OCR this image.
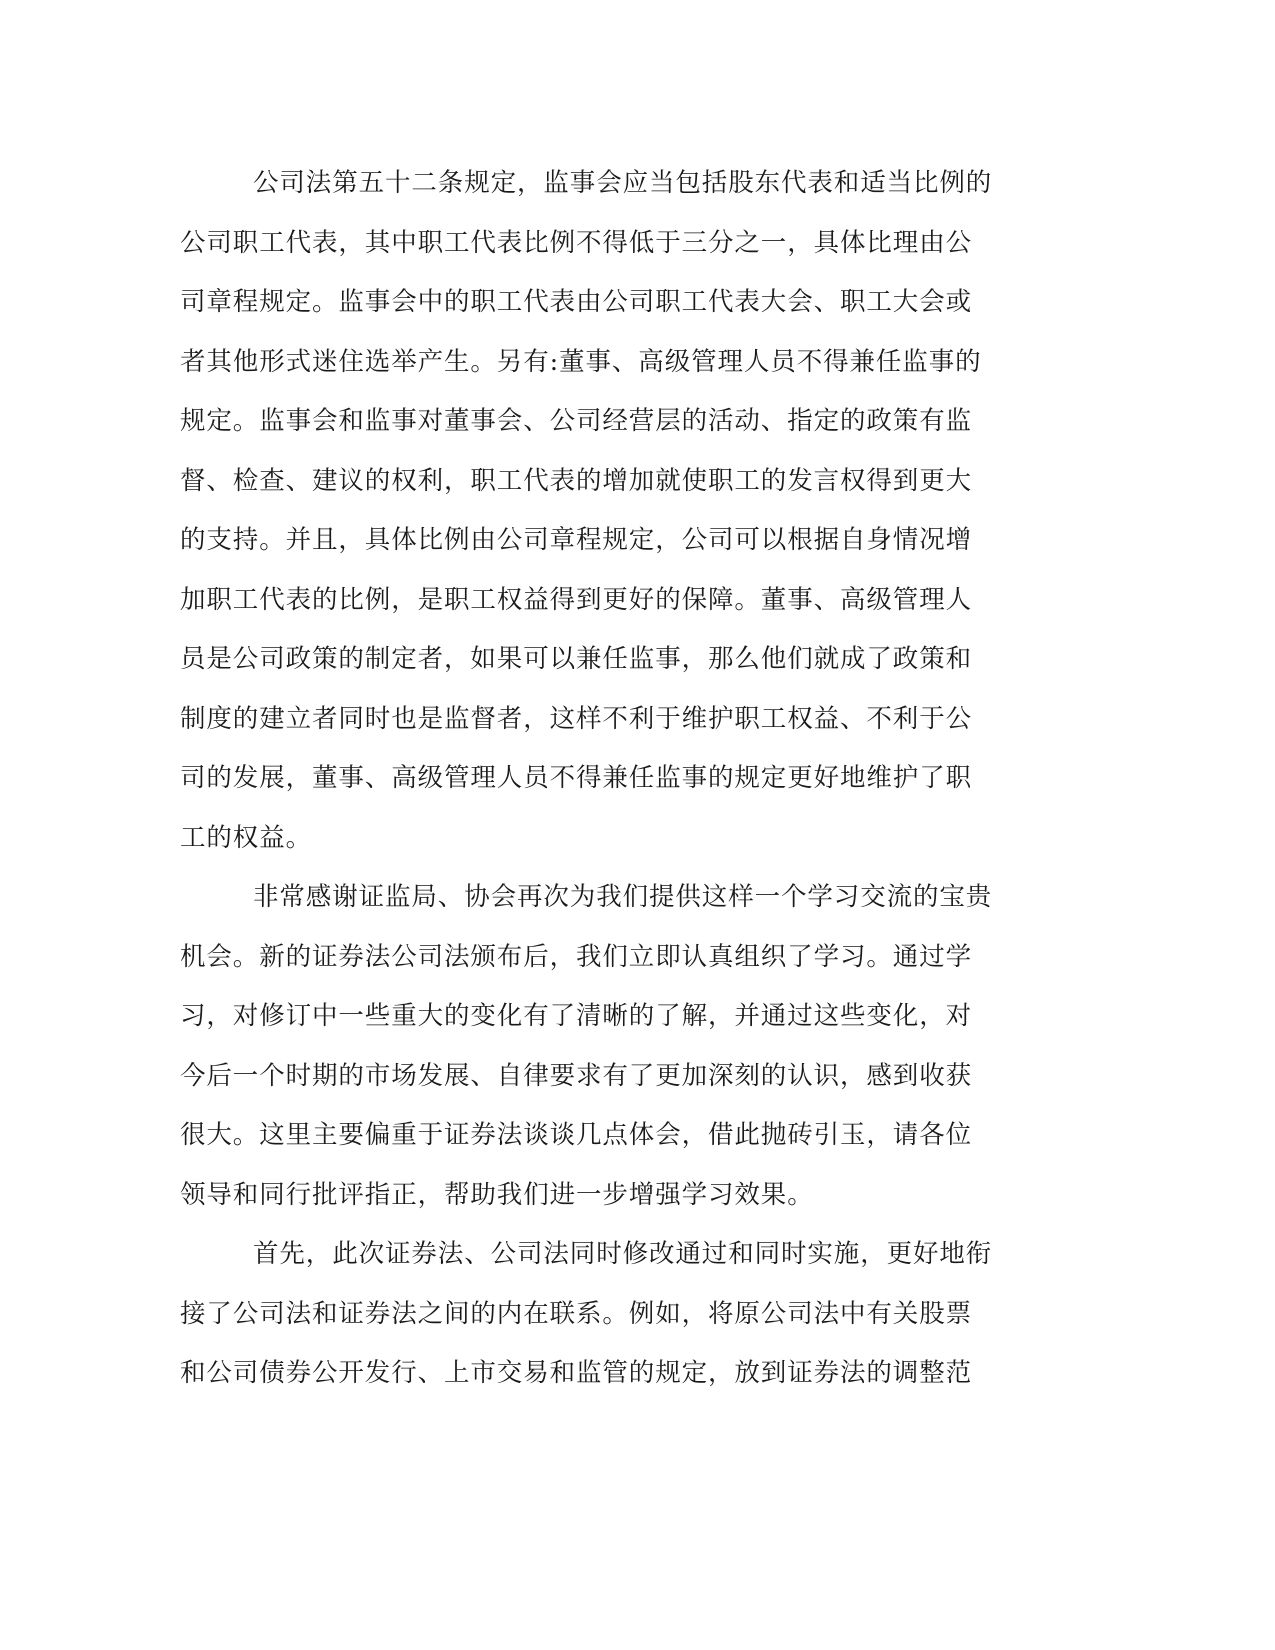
公司法第五十二条规定，监事会应当包括股东代表和适当比例的
公司职工代表，其中职工代表比例不得低于三分之一，具体比理由公
司章程规定。监事会中的职工代表由公司职工代表大会、职工大会或
者其他形式迷住选举产生。另有:董事、高级管理人员不得兼任监事的
规定。监事会和监事对董事会、公司经营层的活动、指定的政策有监
督、检查、建议的权利，职工代表的增加就使职工的发言权得到更大
的支持。并且，具体比例由公司章程规定，公司可以根据自身情况增
加职工代表的比例，是职工权益得到更好的保障。董事、高级管理人
员是公司政策的制定者，如果可以兼任监事，那么他们就成了政策和
制度的建立者同时也是监督者，这样不利于维护职工权益、不利于公
司的发展，董事、高级管理人员不得兼任监事的规定更好地维护了职
工的权益。
非常感谢证监局、协会再次为我们提供这样一个学习交流的宝贵
机会。新的证券法公司法颁布后，我们立即认真组织了学习。通过学
习，对修订中一些重大的变化有了清晰的了解，并通过这些变化，对
今后一个时期的市场发展、自律要求有了更加深刻的认识，感到收获
很大。这里主要偏重于证券法谈谈几点体会，借此抛砖引玉，请各位
领导和同行批评指正，帮助我们进一步增强学习效果。
首先，此次证券法、公司法同时修改通过和同时实施，更好地衔
接了公司法和证券法之间的内在联系。例如，将原公司法中有关股票
和公司债券公开发行、上市交易和监管的规定，放到证券法的调整范
